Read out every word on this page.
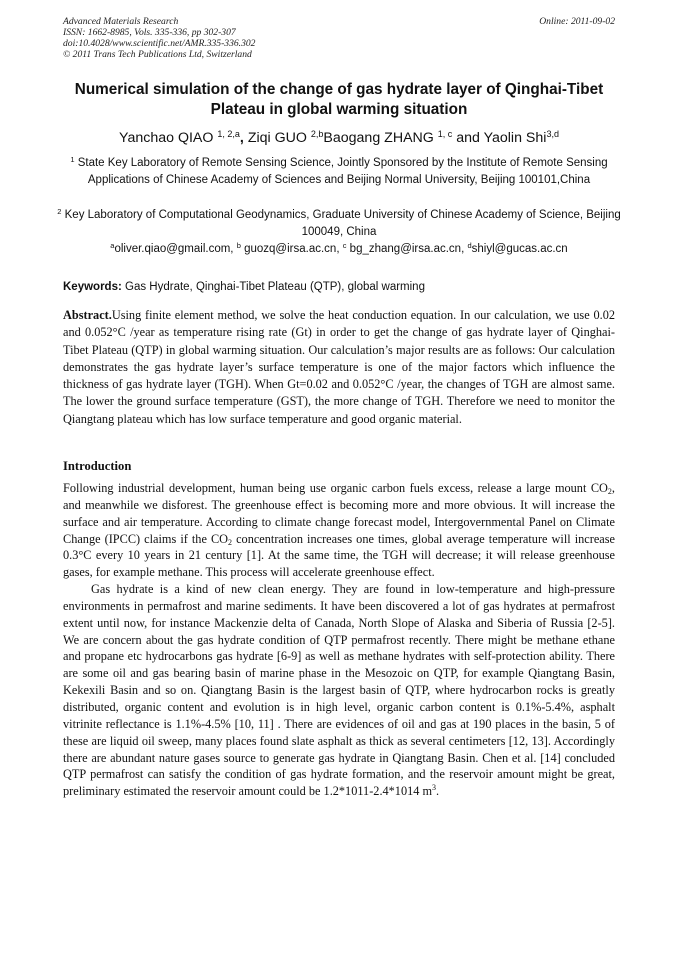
Advanced Materials Research
ISSN: 1662-8985, Vols. 335-336, pp 302-307
doi:10.4028/www.scientific.net/AMR.335-336.302
© 2011 Trans Tech Publications Ltd, Switzerland
Online: 2011-09-02
Numerical simulation of the change of gas hydrate layer of Qinghai-Tibet Plateau in global warming situation
Yanchao QIAO $^{1, 2,a}$, Ziqi GUO $^{2,b}$Baogang ZHANG $^{1, c}$ and Yaolin Shi$^{3,d}$
$^1$ State Key Laboratory of Remote Sensing Science, Jointly Sponsored by the Institute of Remote Sensing Applications of Chinese Academy of Sciences and Beijing Normal University, Beijing 100101,China
$^2$ Key Laboratory of Computational Geodynamics, Graduate University of Chinese Academy of Science, Beijing 100049, China
$^a$oliver.qiao@gmail.com, $^b$ guozq@irsa.ac.cn, $^c$ bg_zhang@irsa.ac.cn, $^d$shiyl@gucas.ac.cn
Keywords: Gas Hydrate, Qinghai-Tibet Plateau (QTP), global warming
Abstract.Using finite element method, we solve the heat conduction equation. In our calculation, we use 0.02 and 0.052°C /year as temperature rising rate (Gt) in order to get the change of gas hydrate layer of Qinghai-Tibet Plateau (QTP) in global warming situation. Our calculation’s major results are as follows: Our calculation demonstrates the gas hydrate layer’s surface temperature is one of the major factors which influence the thickness of gas hydrate layer (TGH). When Gt=0.02 and 0.052°C /year, the changes of TGH are almost same. The lower the ground surface temperature (GST), the more change of TGH. Therefore we need to monitor the Qiangtang plateau which has low surface temperature and good organic material.
Introduction

Following industrial development, human being use organic carbon fuels excess, release a large mount $CO_2$, and meanwhile we disforest. The greenhouse effect is becoming more and more obvious. It will increase the surface and air temperature. According to climate change forecast model, Intergovernmental Panel on Climate Change (IPCC) claims if the $CO_2$ concentration increases one times, global average temperature will increase 0.3°C every 10 years in 21 century [1]. At the same time, the TGH will decrease; it will release greenhouse gases, for example methane. This process will accelerate greenhouse effect.

Gas hydrate is a kind of new clean energy. They are found in low-temperature and high-pressure environments in permafrost and marine sediments. It have been discovered a lot of gas hydrates at permafrost extent until now, for instance Mackenzie delta of Canada, North Slope of Alaska and Siberia of Russia [2-5]. We are concern about the gas hydrate condition of QTP permafrost recently. There might be methane ethane and propane etc hydrocarbons gas hydrate [6-9] as well as methane hydrates with self-protection ability. There are some oil and gas bearing basin of marine phase in the Mesozoic on QTP, for example Qiangtang Basin, Kekexili Basin and so on. Qiangtang Basin is the largest basin of QTP, where hydrocarbon rocks is greatly distributed, organic content and evolution is in high level, organic carbon content is 0.1%-5.4%, asphalt vitrinite reflectance is 1.1%-4.5% [10, 11] . There are evidences of oil and gas at 190 places in the basin, 5 of these are liquid oil sweep, many places found slate asphalt as thick as several centimeters [12, 13]. Accordingly there are abundant nature gases source to generate gas hydrate in Qiangtang Basin. Chen et al. [14] concluded QTP permafrost can satisfy the condition of gas hydrate formation, and the reservoir amount might be great, preliminary estimated the reservoir amount could be 1.2*1011-2.4*1014 $m^3$.
